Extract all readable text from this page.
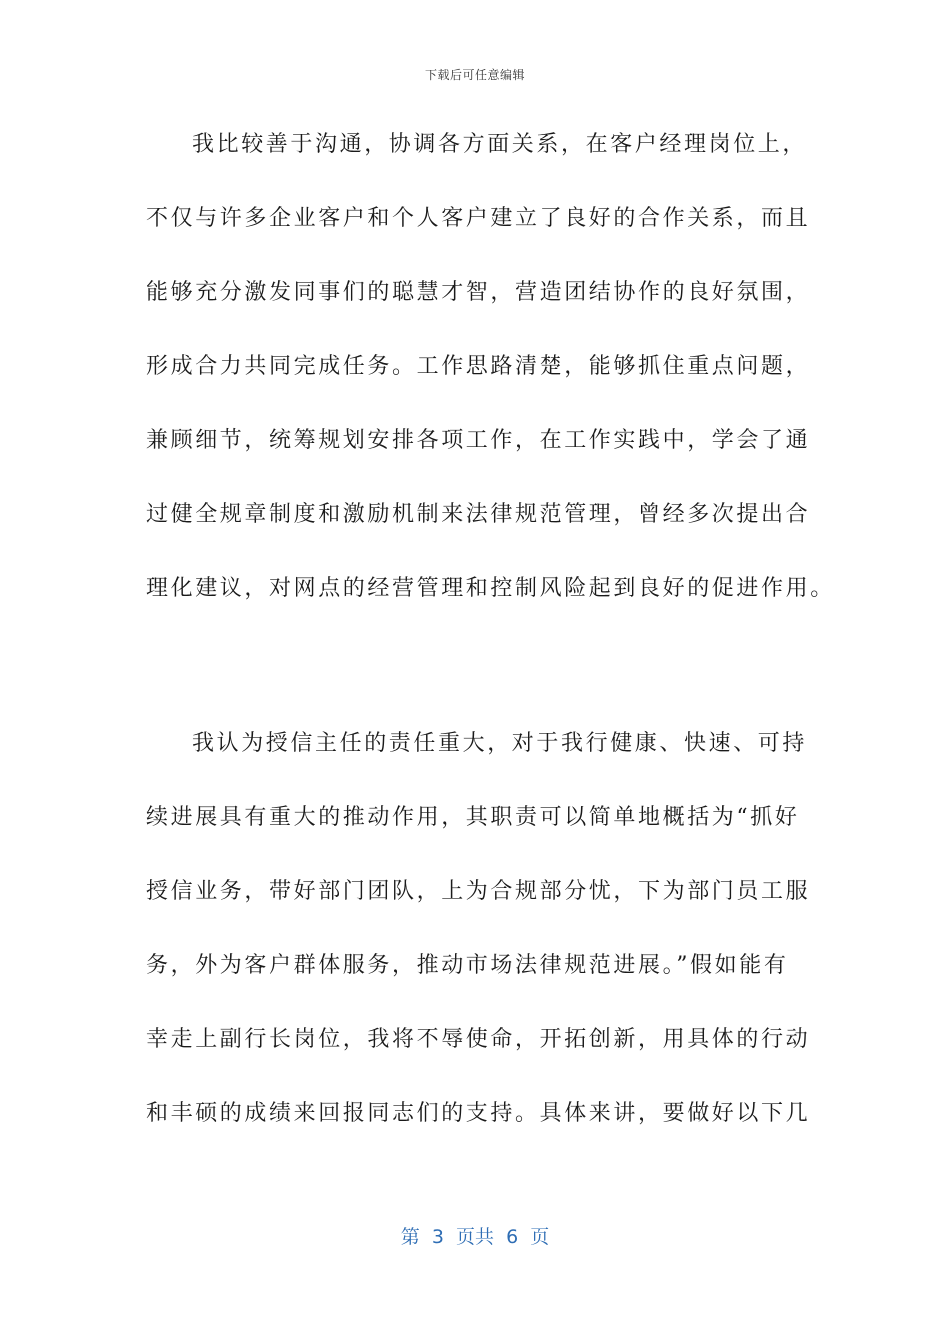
下载后可任意编辑
我比较善于沟通，协调各方面关系，在客户经理岗位上，
不仅与许多企业客户和个人客户建立了良好的合作关系，而且
能够充分激发同事们的聪慧才智，营造团结协作的良好氛围，
形成合力共同完成任务。工作思路清楚，能够抓住重点问题，
兼顾细节，统筹规划安排各项工作，在工作实践中，学会了通
过健全规章制度和激励机制来法律规范管理，曾经多次提出合
理化建议，对网点的经营管理和控制风险起到良好的促进作用。
我认为授信主任的责任重大，对于我行健康、快速、可持
续进展具有重大的推动作用，其职责可以简单地概括为“抓好
授信业务，带好部门团队，上为合规部分忧，下为部门员工服
务，外为客户群体服务，推动市场法律规范进展。”假如能有
幸走上副行长岗位，我将不辱使命，开拓创新，用具体的行动
和丰硕的成绩来回报同志们的支持。具体来讲，要做好以下几
第  3  页共  6  页
